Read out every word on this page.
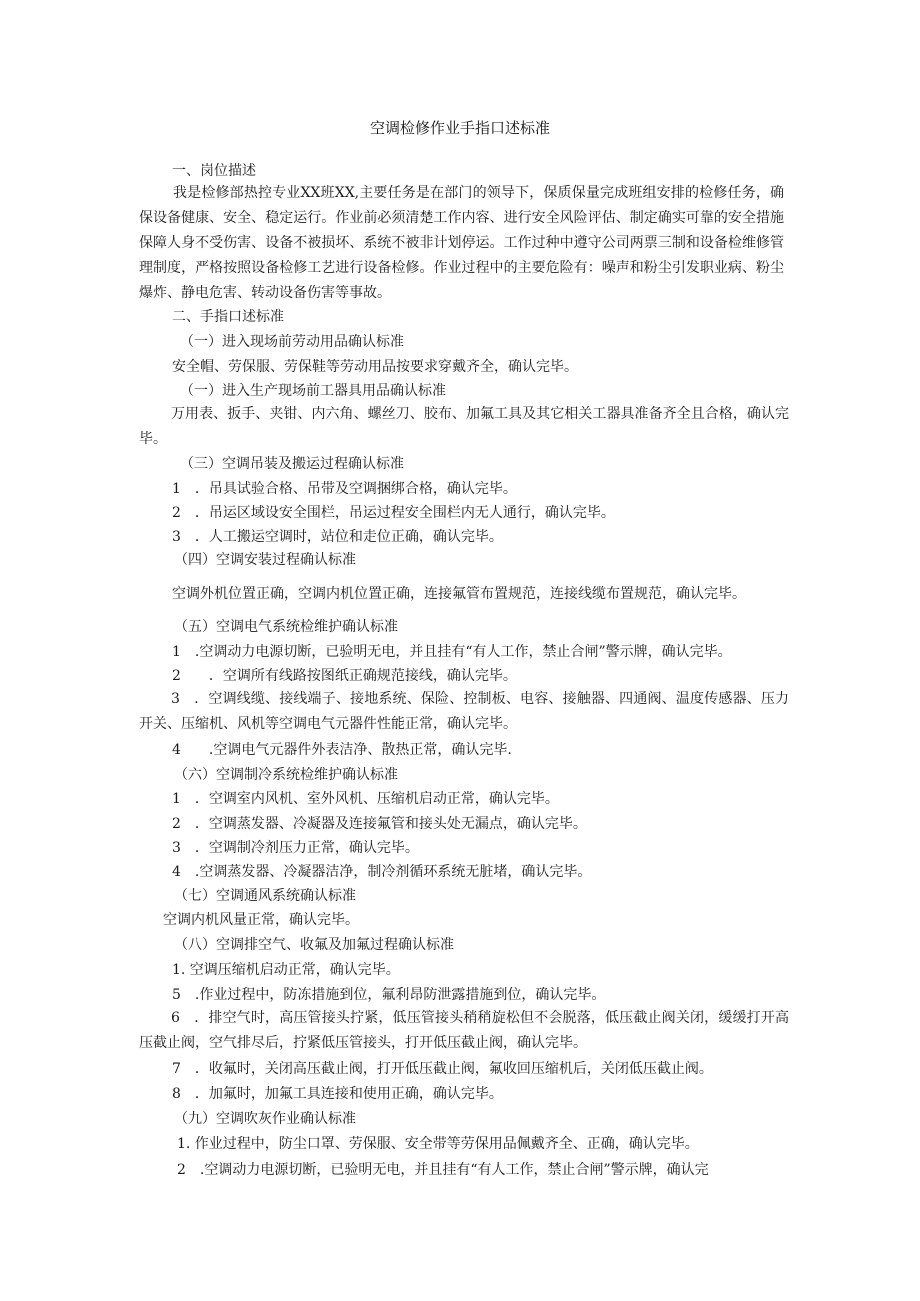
空调检修作业手指口述标准
一、岗位描述
我是检修部热控专业XX班XX,主要任务是在部门的领导下，保质保量完成班组安排的检修任务，确保设备健康、安全、稳定运行。作业前必须清楚工作内容、进行安全风险评估、制定确实可靠的安全措施保障人身不受伤害、设备不被损坏、系统不被非计划停运。工作过种中遵守公司两票三制和设备检维修管理制度，严格按照设备检修工艺进行设备检修。作业过程中的主要危险有：噪声和粉尘引发职业病、粉尘爆炸、静电危害、转动设备伤害等事故。
二、手指口述标准
（一）进入现场前劳动用品确认标准
安全帽、劳保服、劳保鞋等劳动用品按要求穿戴齐全，确认完毕。
（一）进入生产现场前工器具用品确认标准
万用表、扳手、夹钳、内六角、螺丝刀、胶布、加氟工具及其它相关工器具准备齐全且合格，确认完毕。
（三）空调吊装及搬运过程确认标准
1　．吊具试验合格、吊带及空调捆绑合格，确认完毕。
2　．吊运区域设安全围栏，吊运过程安全围栏内无人通行，确认完毕。
3　．人工搬运空调时，站位和走位正确，确认完毕。
（四）空调安装过程确认标准
空调外机位置正确，空调内机位置正确，连接氟管布置规范，连接线缆布置规范，确认完毕。
（五）空调电气系统检维护确认标准
1　.空调动力电源切断，已验明无电，并且挂有“有人工作，禁止合闸”警示牌，确认完毕。
2　　．空调所有线路按图纸正确规范接线，确认完毕。
3　．空调线缆、接线端子、接地系统、保险、控制板、电容、接触器、四通阀、温度传感器、压力开关、压缩机、风机等空调电气元器件性能正常，确认完毕。
4　　.空调电气元器件外表洁净、散热正常，确认完毕.
（六）空调制冷系统检维护确认标准
1　．空调室内风机、室外风机、压缩机启动正常，确认完毕。
2　．空调蒸发器、冷凝器及连接氟管和接头处无漏点，确认完毕。
3　．空调制冷剂压力正常，确认完毕。
4　.空调蒸发器、冷凝器洁净，制冷剂循环系统无脏堵，确认完毕。
（七）空调通风系统确认标准
空调内机风量正常，确认完毕。
（八）空调排空气、收氟及加氟过程确认标准
1. 空调压缩机启动正常，确认完毕。
5　.作业过程中，防冻措施到位，氟利昂防泄露措施到位，确认完毕。
6　．排空气时，高压管接头拧紧，低压管接头稍稍旋松但不会脱落，低压截止阀关闭，缓缓打开高压截止阀，空气排尽后，拧紧低压管接头，打开低压截止阀，确认完毕。
7　．收氟时，关闭高压截止阀，打开低压截止阀，氟收回压缩机后，关闭低压截止阀。
8　．加氟时，加氟工具连接和使用正确，确认完毕。
（九）空调吹灰作业确认标准
1. 作业过程中，防尘口罩、劳保服、安全带等劳保用品佩戴齐全、正确，确认完毕。
2　.空调动力电源切断，已验明无电，并且挂有“有人工作，禁止合闸”警示牌，确认完
